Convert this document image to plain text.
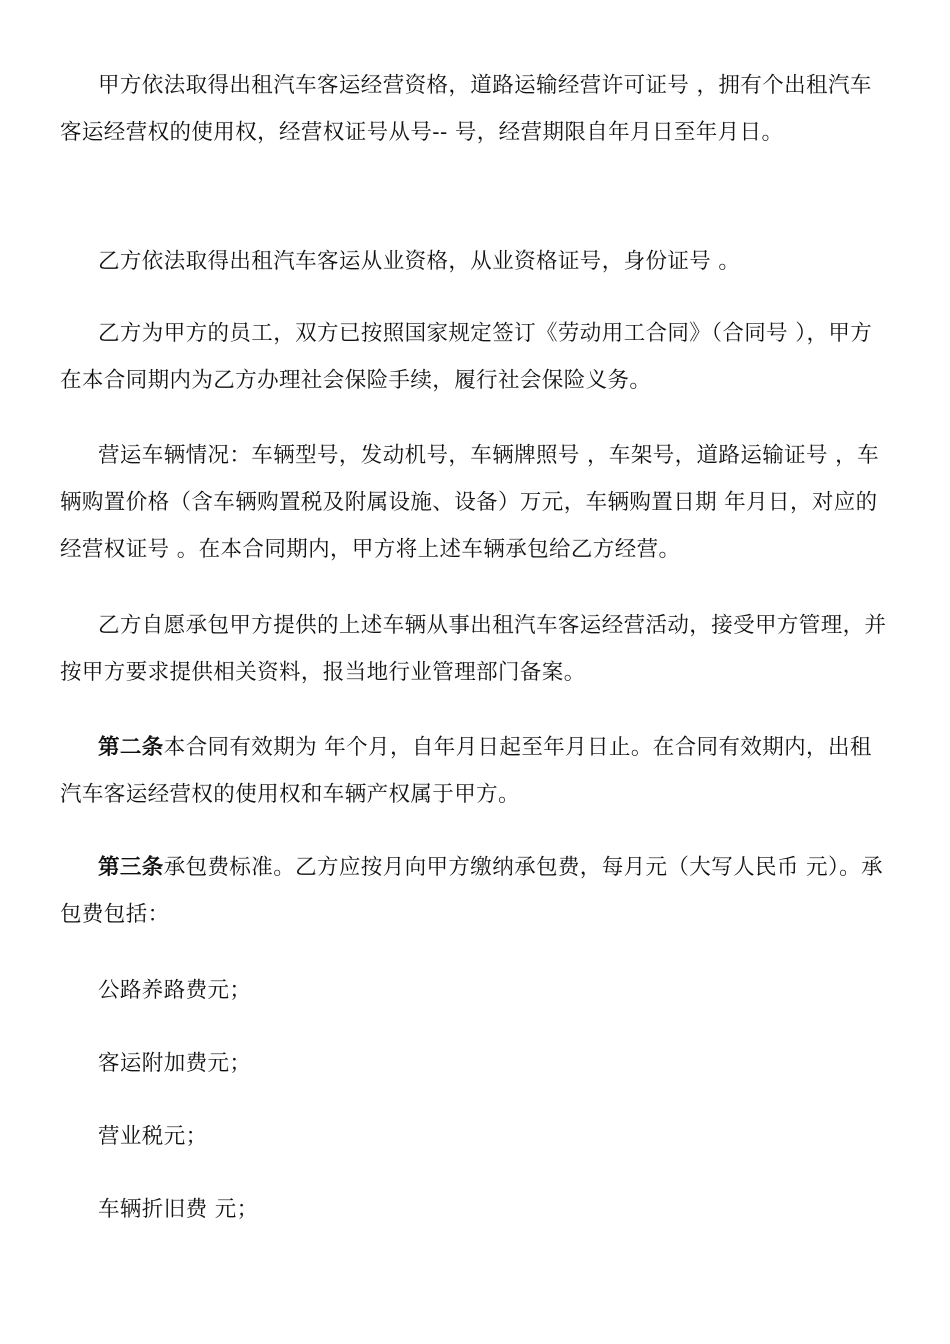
甲方依法取得出租汽车客运经营资格，道路运输经营许可证号 ，拥有个出租汽车客运经营权的使用权，经营权证号从号-- 号，经营期限自年月日至年月日。

乙方依法取得出租汽车客运从业资格，从业资格证号，身份证号 。

乙方为甲方的员工，双方已按照国家规定签订《劳动用工合同》（合同号 ），甲方在本合同期内为乙方办理社会保险手续，履行社会保险义务。

营运车辆情况：车辆型号，发动机号，车辆牌照号 ，车架号，道路运输证号 ，车辆购置价格（含车辆购置税及附属设施、设备）万元，车辆购置日期 年月日，对应的经营权证号 。在本合同期内，甲方将上述车辆承包给乙方经营。

乙方自愿承包甲方提供的上述车辆从事出租汽车客运经营活动，接受甲方管理，并按甲方要求提供相关资料，报当地行业管理部门备案。

第二条本合同有效期为 年个月，自年月日起至年月日止。在合同有效期内，出租汽车客运经营权的使用权和车辆产权属于甲方。

第三条承包费标准。乙方应按月向甲方缴纳承包费，每月元（大写人民币 元）。承包费包括：

公路养路费元；

客运附加费元；

营业税元；

车辆折旧费 元；
